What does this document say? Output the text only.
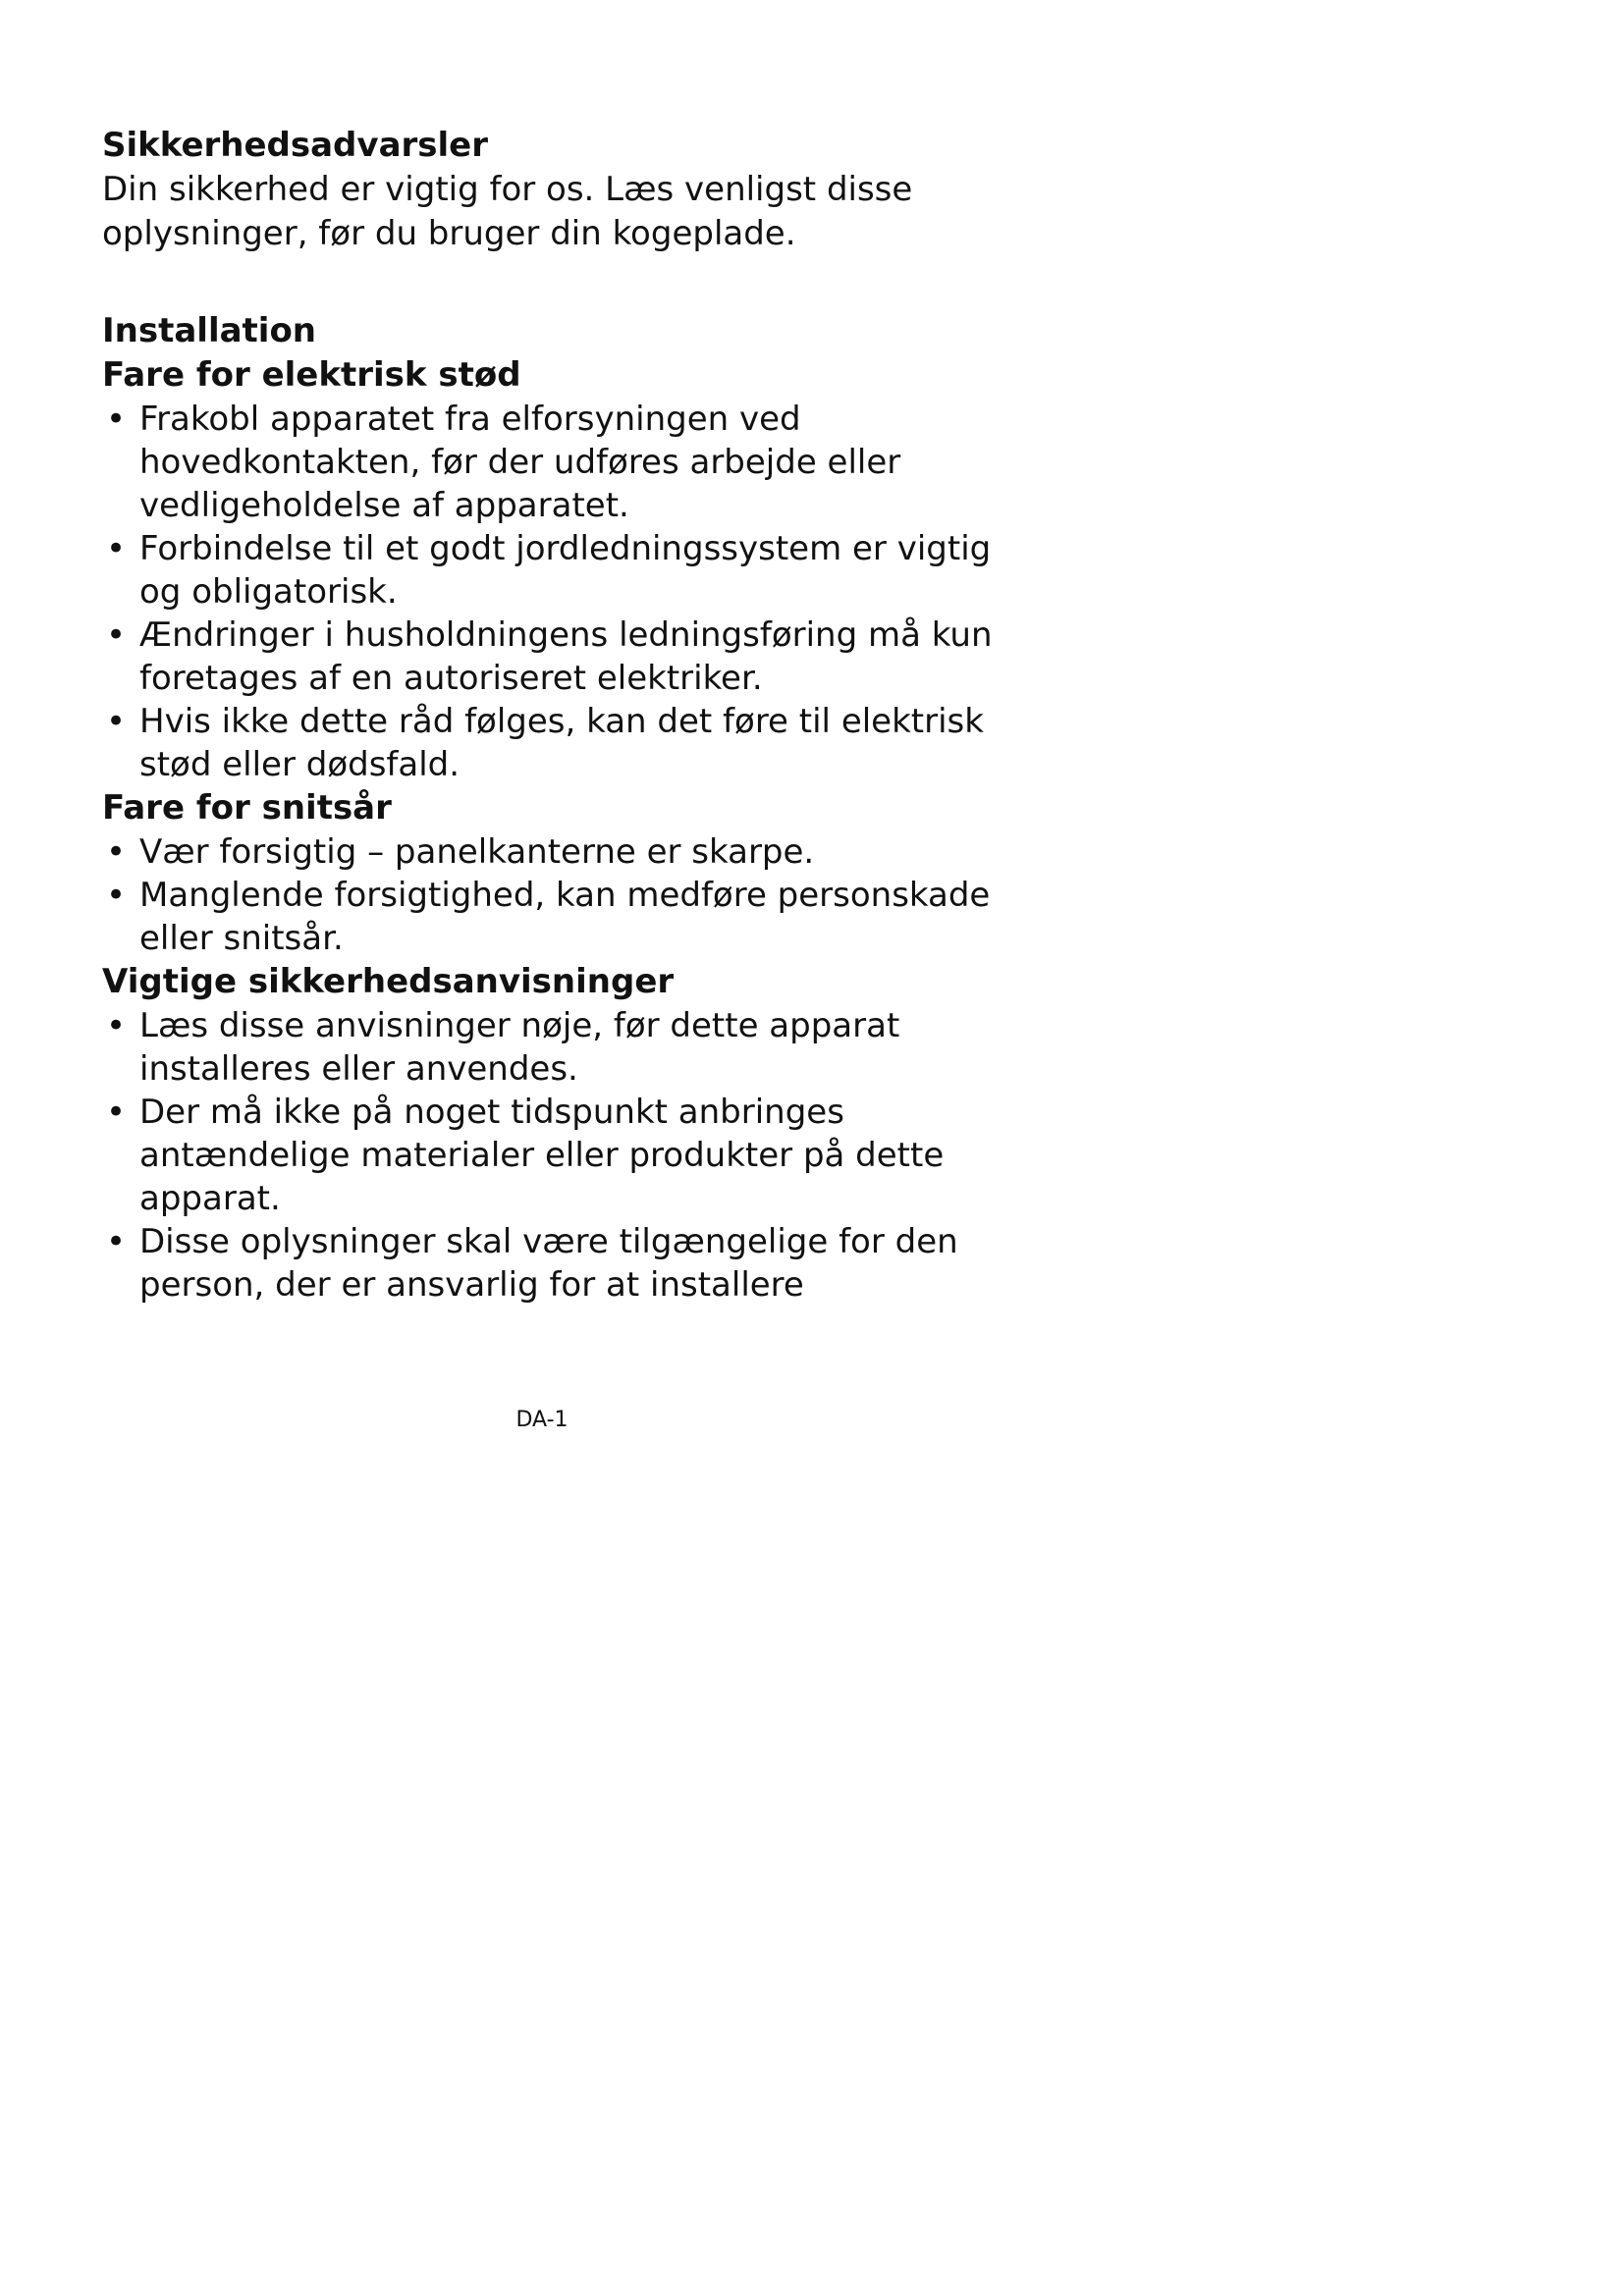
Sikkerhedsadvarsler

Din sikkerhed er vigtig for os. Læs venligst disse oplysninger, før du bruger din kogeplade.

Installation
Fare for elektrisk stød
• Frakobl apparatet fra elforsyningen ved hovedkontakten, før der udføres arbejde eller vedligeholdelse af apparatet.
• Forbindelse til et godt jordledningssystem er vigtig og obligatorisk.
• Ændringer i husholdningens ledningsføring må kun foretages af en autoriseret elektriker.
• Hvis ikke dette råd følges, kan det føre til elektrisk stød eller dødsfald.
Fare for snitsår
• Vær forsigtig – panelkanterne er skarpe.
• Manglende forsigtighed, kan medføre personskade eller snitsår.
Vigtige sikkerhedsanvisninger
• Læs disse anvisninger nøje, før dette apparat installeres eller anvendes.
• Der må ikke på noget tidspunkt anbringes antændelige materialer eller produkter på dette apparat.
• Disse oplysninger skal være tilgængelige for den person, der er ansvarlig for at installere
DA-1
